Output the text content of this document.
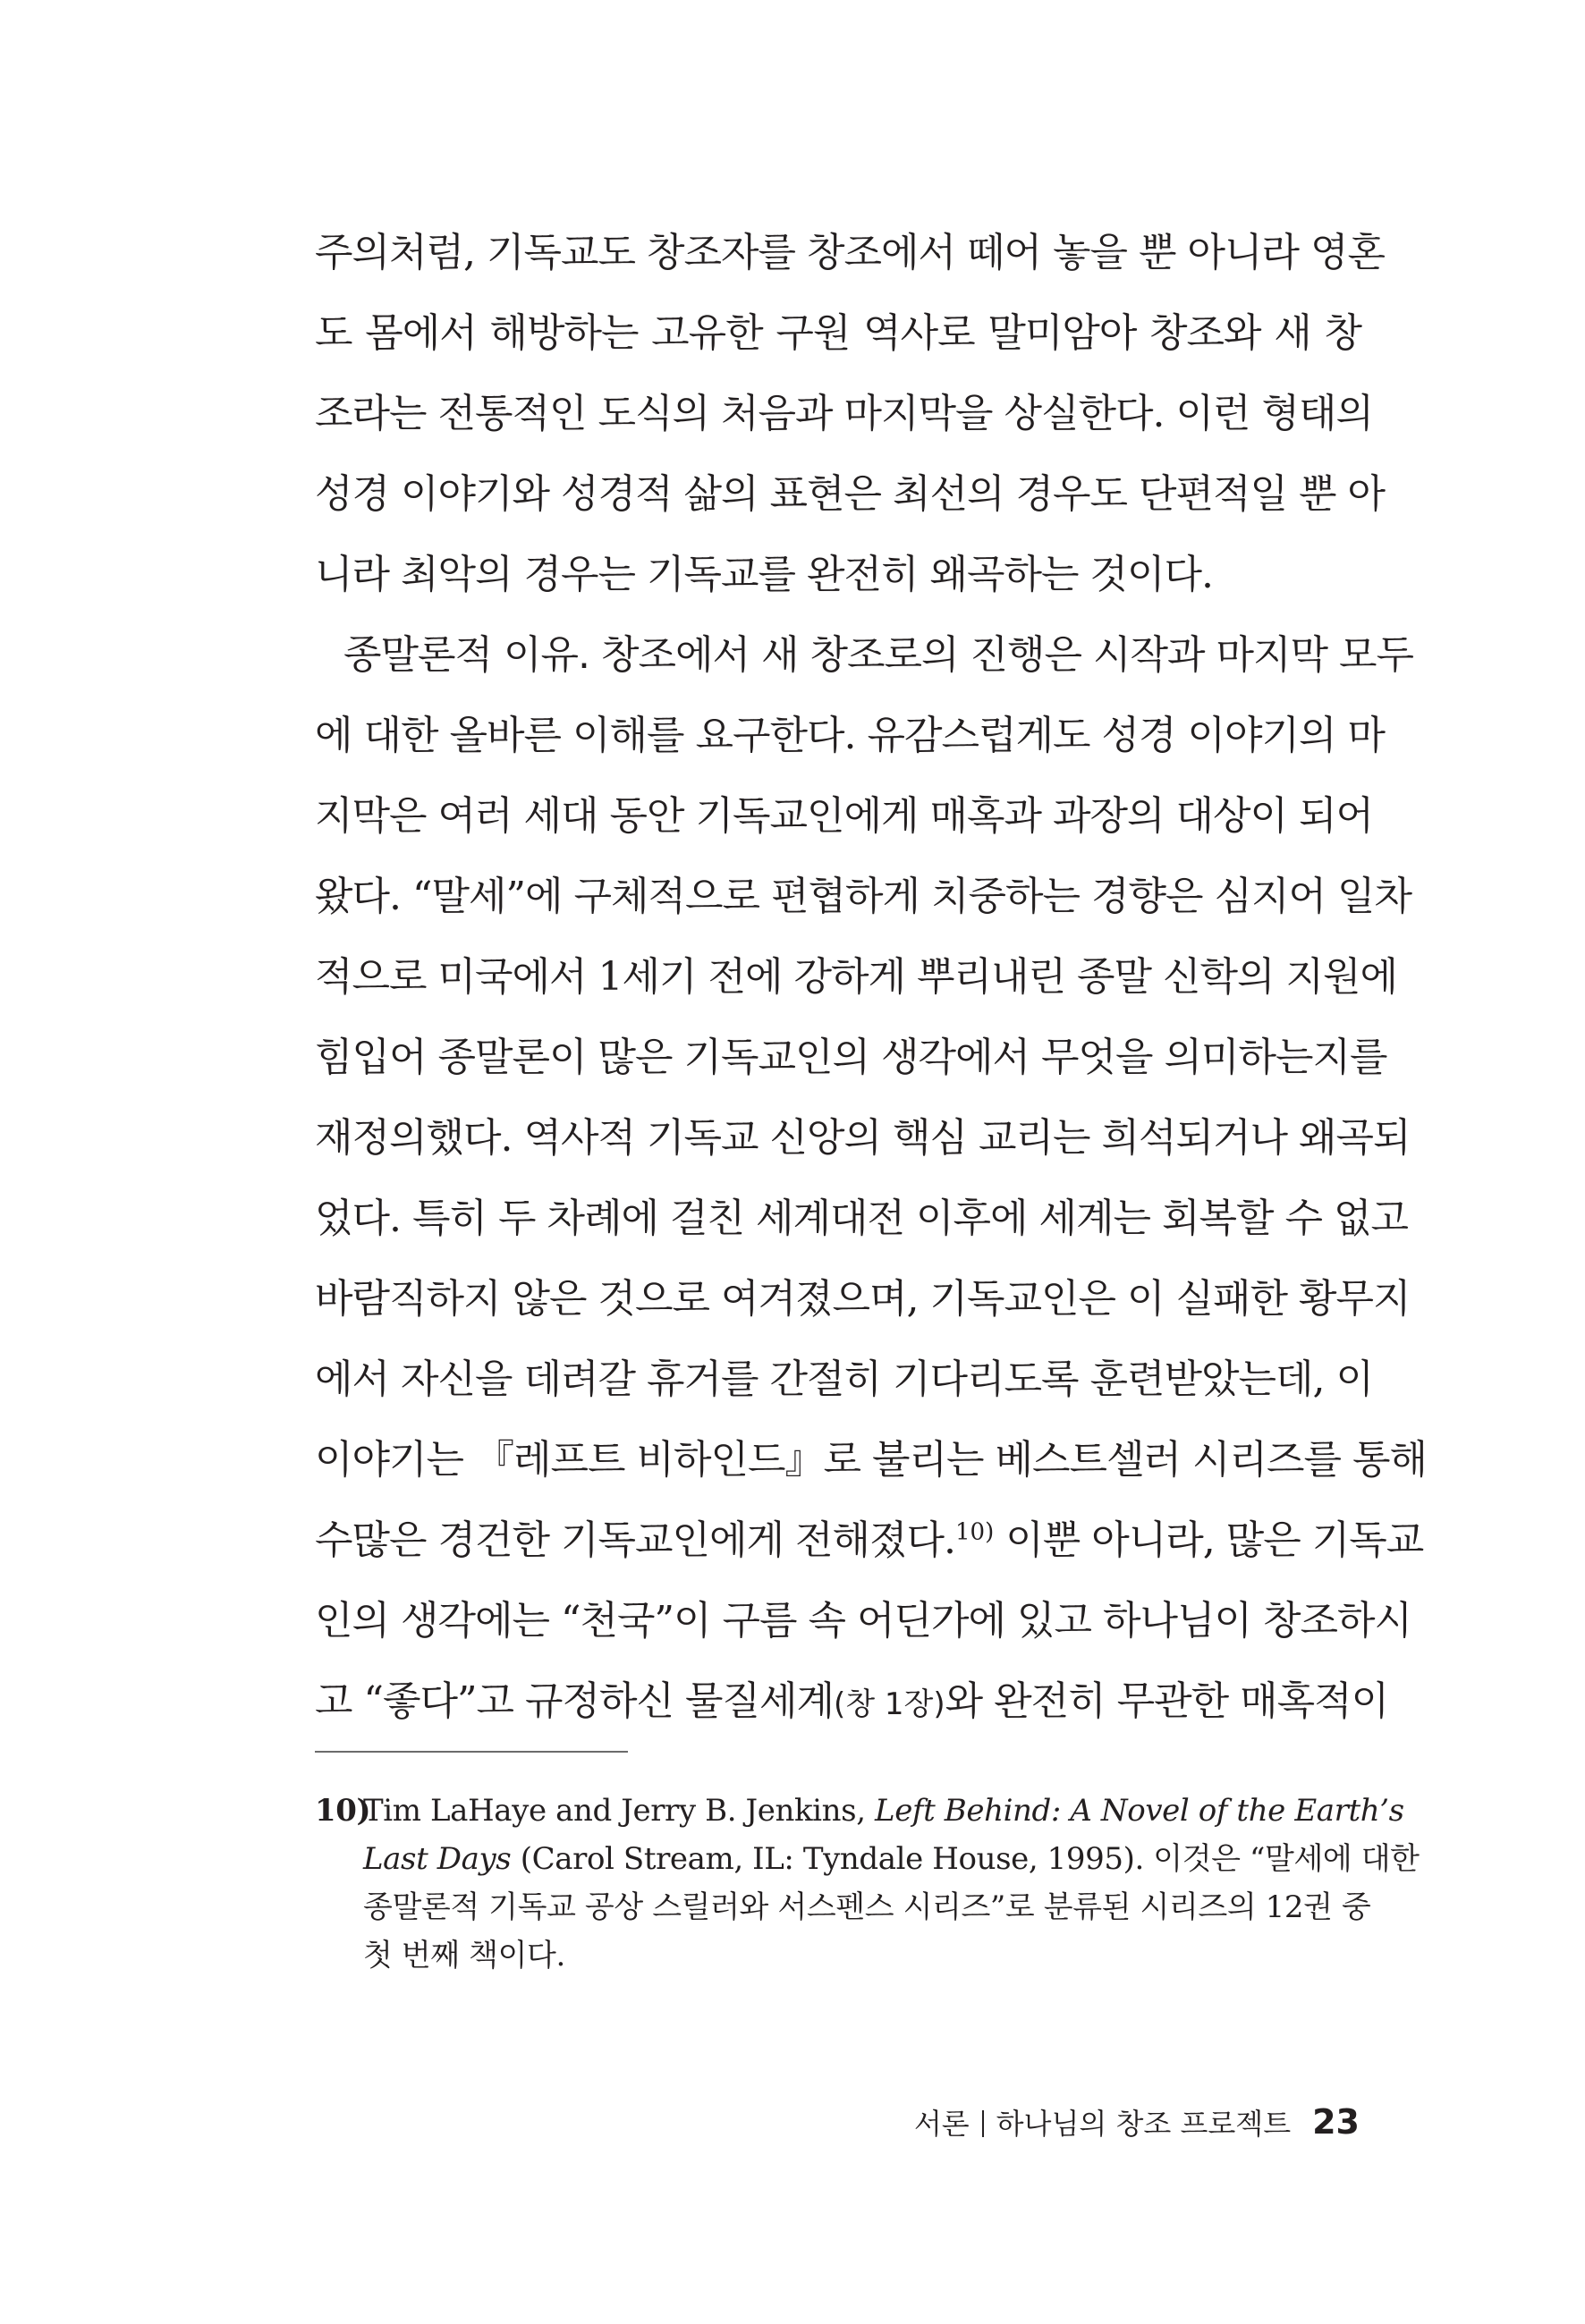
주의처럼, 기독교도 창조자를 창조에서 떼어 놓을 뿐 아니라 영혼
도 몸에서 해방하는 고유한 구원 역사로 말미암아 창조와 새 창
조라는 전통적인 도식의 처음과 마지막을 상실한다. 이런 형태의
성경 이야기와 성경적 삶의 표현은 최선의 경우도 단편적일 뿐 아
니라 최악의 경우는 기독교를 완전히 왜곡하는 것이다.
종말론적 이유. 창조에서 새 창조로의 진행은 시작과 마지막 모두
에 대한 올바른 이해를 요구한다. 유감스럽게도 성경 이야기의 마
지막은 여러 세대 동안 기독교인에게 매혹과 과장의 대상이 되어
왔다. “말세”에 구체적으로 편협하게 치중하는 경향은 심지어 일차
적으로 미국에서 1세기 전에 강하게 뿌리내린 종말 신학의 지원에
힘입어 종말론이 많은 기독교인의 생각에서 무엇을 의미하는지를
재정의했다. 역사적 기독교 신앙의 핵심 교리는 희석되거나 왜곡되
었다. 특히 두 차례에 걸친 세계대전 이후에 세계는 회복할 수 없고
바람직하지 않은 것으로 여겨졌으며, 기독교인은 이 실패한 황무지
에서 자신을 데려갈 휴거를 간절히 기다리도록 훈련받았는데, 이
이야기는 『레프트 비하인드』로 불리는 베스트셀러 시리즈를 통해
수많은 경건한 기독교인에게 전해졌다.$^{10)}$ 이뿐 아니라, 많은 기독교
인의 생각에는 “천국”이 구름 속 어딘가에 있고 하나님이 창조하시
고 “좋다”고 규정하신 물질세계(창 1장)와 완전히 무관한 매혹적이
10)Tim LaHaye and Jerry B. Jenkins, Left Behind: A Novel of the Earth’s
Last Days (Carol Stream, IL: Tyndale House, 1995). 이것은 “말세에 대한
종말론적 기독교 공상 스릴러와 서스펜스 시리즈”로 분류된 시리즈의 12권 중
첫 번째 책이다.
서론 하나님의 창조 프로젝트 23
